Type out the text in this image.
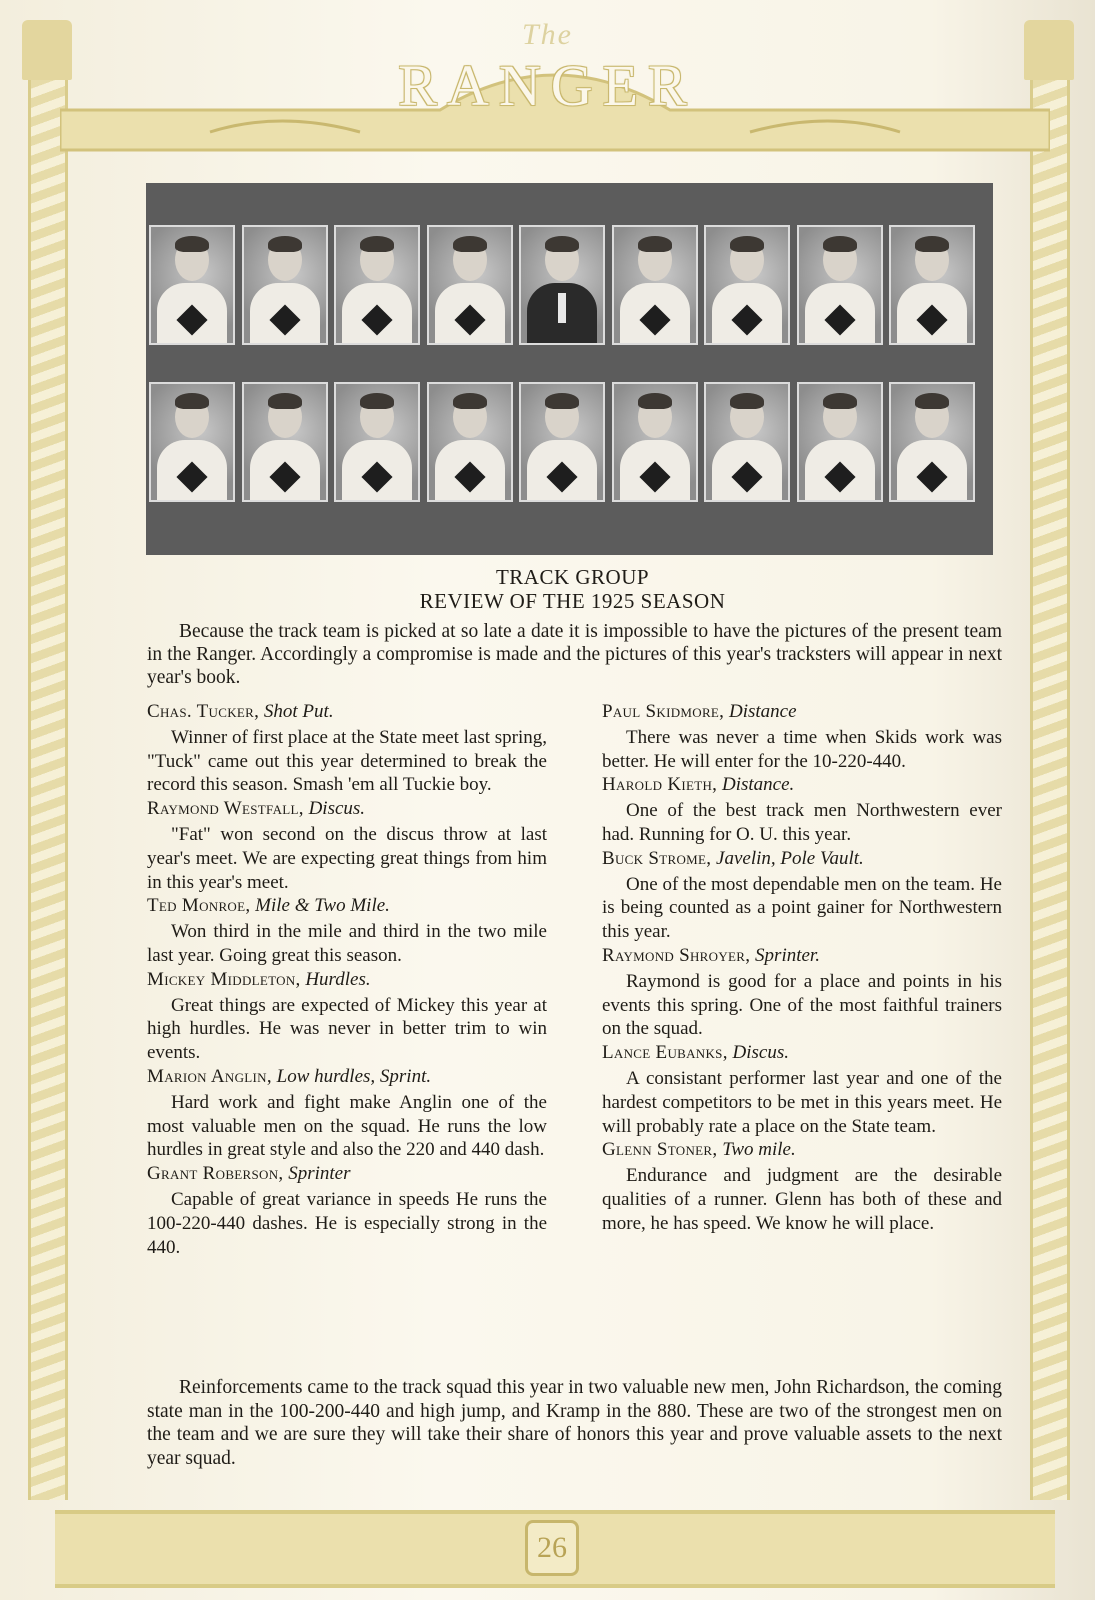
The
RANGER
TRACK GROUP
REVIEW OF THE 1925 SEASON

Because the track team is picked at so late a date it is impossible to have the pictures of the present team in the Ranger. Accordingly a compromise is made and the pictures of this year's tracksters will appear in next year's book.

Chas. Tucker, Shot Put.

Winner of first place at the State meet last spring, "Tuck" came out this year determined to break the record this season. Smash 'em all Tuckie boy.

Raymond Westfall, Discus.

"Fat" won second on the discus throw at last year's meet. We are expecting great things from him in this year's meet.

Ted Monroe, Mile & Two Mile.

Won third in the mile and third in the two mile last year. Going great this season.

Mickey Middleton, Hurdles.

Great things are expected of Mickey this year at high hurdles. He was never in better trim to win events.

Marion Anglin, Low hurdles, Sprint.

Hard work and fight make Anglin one of the most valuable men on the squad. He runs the low hurdles in great style and also the 220 and 440 dash.

Grant Roberson, Sprinter

Capable of great variance in speeds He runs the 100-220-440 dashes. He is especially strong in the 440.

Paul Skidmore, Distance

There was never a time when Skids work was better. He will enter for the 10-220-440.

Harold Kieth, Distance.

One of the best track men Northwestern ever had. Running for O. U. this year.

Buck Strome, Javelin, Pole Vault.

One of the most dependable men on the team. He is being counted as a point gainer for Northwestern this year.

Raymond Shroyer, Sprinter.

Raymond is good for a place and points in his events this spring. One of the most faithful trainers on the squad.

Lance Eubanks, Discus.

A consistant performer last year and one of the hardest competitors to be met in this years meet. He will probably rate a place on the State team.

Glenn Stoner, Two mile.

Endurance and judgment are the desirable qualities of a runner. Glenn has both of these and more, he has speed. We know he will place.

Reinforcements came to the track squad this year in two valuable new men, John Richardson, the coming state man in the 100-200-440 and high jump, and Kramp in the 880. These are two of the strongest men on the team and we are sure they will take their share of honors this year and prove valuable assets to the next year squad.

26
